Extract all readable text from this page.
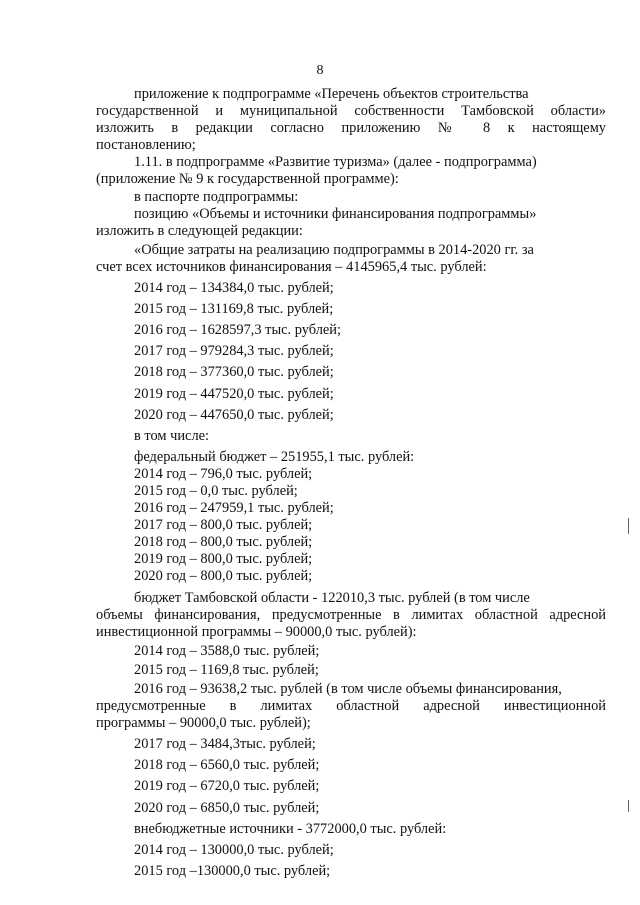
8

приложение к подпрограмме «Перечень объектов строительства

государственной и муниципальной собственности Тамбовской области»

изложить в редакции согласно приложению № 8 к настоящему

постановлению;

1.11. в подпрограмме «Развитие туризма» (далее - подпрограмма)

(приложение № 9 к государственной программе):

в паспорте подпрограммы:

позицию «Объемы и источники финансирования подпрограммы»

изложить в следующей редакции:

«Общие затраты на реализацию подпрограммы в 2014-2020 гг. за

счет всех источников финансирования – 4145965,4 тыс. рублей:

2014 год – 134384,0 тыс. рублей;

2015 год – 131169,8 тыс. рублей;

2016 год – 1628597,3 тыс. рублей;

2017 год – 979284,3 тыс. рублей;

2018 год – 377360,0 тыс. рублей;

2019 год – 447520,0 тыс. рублей;

2020 год – 447650,0 тыс. рублей;

в том числе:

федеральный бюджет – 251955,1 тыс. рублей:

2014 год – 796,0 тыс. рублей;

2015 год – 0,0 тыс. рублей;

2016 год – 247959,1 тыс. рублей;

2017 год – 800,0 тыс. рублей;

2018 год – 800,0 тыс. рублей;

2019 год – 800,0 тыс. рублей;

2020 год – 800,0 тыс. рублей;

бюджет Тамбовской области - 122010,3 тыс. рублей (в том числе

объемы финансирования, предусмотренные в лимитах областной адресной

инвестиционной программы – 90000,0 тыс. рублей):

2014 год – 3588,0 тыс. рублей;

2015 год – 1169,8 тыс. рублей;

2016 год – 93638,2 тыс. рублей (в том числе объемы финансирования,

предусмотренные в лимитах областной адресной инвестиционной

программы – 90000,0 тыс. рублей);

2017 год – 3484,3тыс. рублей;

2018 год – 6560,0 тыс. рублей;

2019 год – 6720,0 тыс. рублей;

2020 год – 6850,0 тыс. рублей;

внебюджетные источники - 3772000,0 тыс. рублей:

2014 год – 130000,0 тыс. рублей;

2015 год –130000,0 тыс. рублей;
